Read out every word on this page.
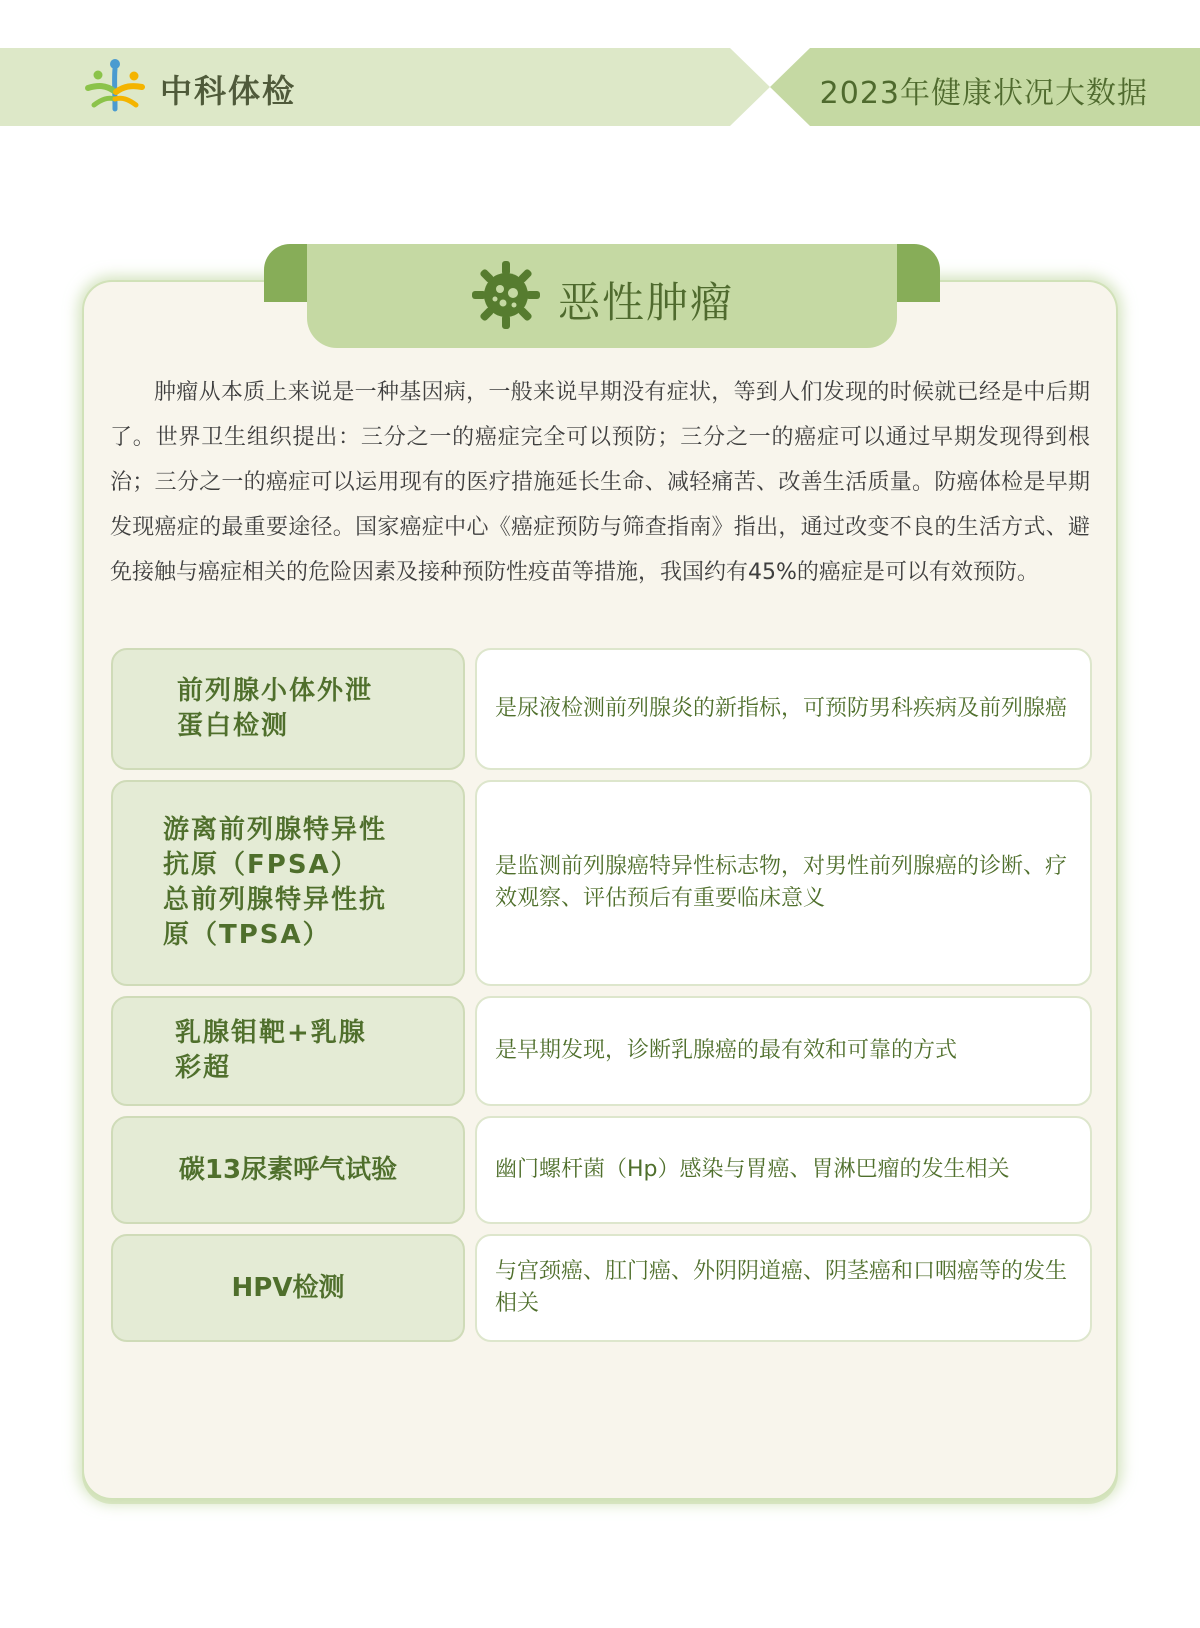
中科体检	2023年健康状况大数据
恶性肿瘤

肿瘤从本质上来说是一种基因病，一般来说早期没有症状，等到人们发现的时候就已经是中后期了。世界卫生组织提出：三分之一的癌症完全可以预防；三分之一的癌症可以通过早期发现得到根治；三分之一的癌症可以运用现有的医疗措施延长生命、减轻痛苦、改善生活质量。防癌体检是早期发现癌症的最重要途径。国家癌症中心《癌症预防与筛查指南》指出，通过改变不良的生活方式、避免接触与癌症相关的危险因素及接种预防性疫苗等措施，我国约有45%的癌症是可以有效预防。

前列腺小体外泄
蛋白检测
是尿液检测前列腺炎的新指标，可预防男科疾病及前列腺癌
游离前列腺特异性
抗原（FPSA）
总前列腺特异性抗
原（TPSA）
是监测前列腺癌特异性标志物，对男性前列腺癌的诊断、疗效观察、评估预后有重要临床意义
乳腺钼靶+乳腺
彩超
是早期发现，诊断乳腺癌的最有效和可靠的方式
碳13尿素呼气试验	幽门螺杆菌（Hp）感染与胃癌、胃淋巴瘤的发生相关
HPV检测
与宫颈癌、肛门癌、外阴阴道癌、阴茎癌和口咽癌等的发生相关
